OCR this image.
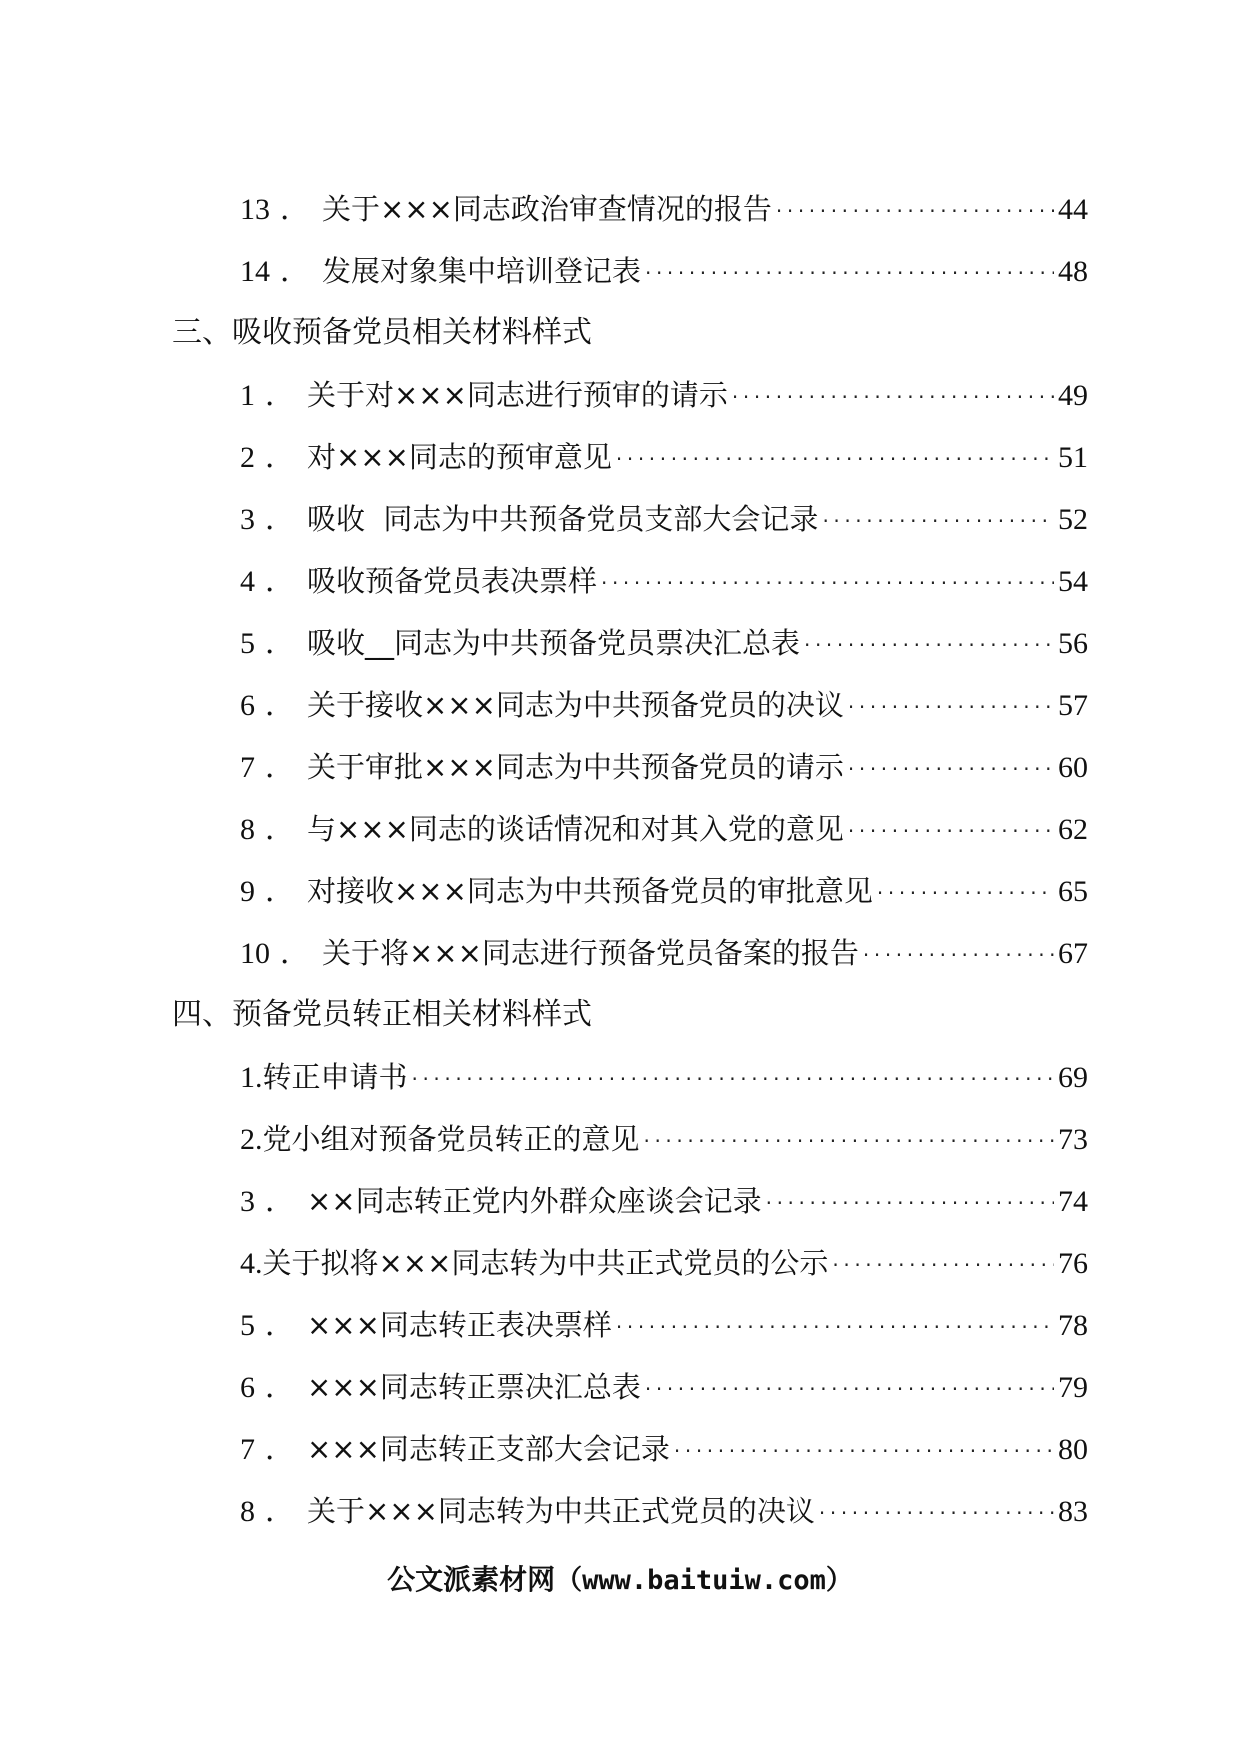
13 ． 关于×××同志政治审查情况的报告 ·····	44
14 ． 发展对象集中培训登记表 ·····	48
三、吸收预备党员相关材料样式
1 ． 关于对×××同志进行预审的请示 ·····	49
2 ． 对×××同志的预审意见 ·····	51
3 ． 吸收  同志为中共预备党员支部大会记录 ·····	52
4 ． 吸收预备党员表决票样 ·····	54
5 ． 吸收__同志为中共预备党员票决汇总表 ·····	56
6 ． 关于接收×××同志为中共预备党员的决议 ·····	57
7 ． 关于审批×××同志为中共预备党员的请示 ·····	60
8 ． 与×××同志的谈话情况和对其入党的意见 ·····	62
9 ． 对接收×××同志为中共预备党员的审批意见 ·····	65
10 ． 关于将×××同志进行预备党员备案的报告 ·····	67
四、预备党员转正相关材料样式
1. 转正申请书 ·····	69
2. 党小组对预备党员转正的意见 ·····	73
3 ． ××同志转正党内外群众座谈会记录 ·····	74
4. 关于拟将×××同志转为中共正式党员的公示 ·····	76
5 ． ×××同志转正表决票样 ·····	78
6 ． ×××同志转正票决汇总表 ·····	79
7 ． ×××同志转正支部大会记录 ·····	80
8 ． 关于×××同志转为中共正式党员的决议 ·····	83
公文派素材网（www.baituiw.com）
